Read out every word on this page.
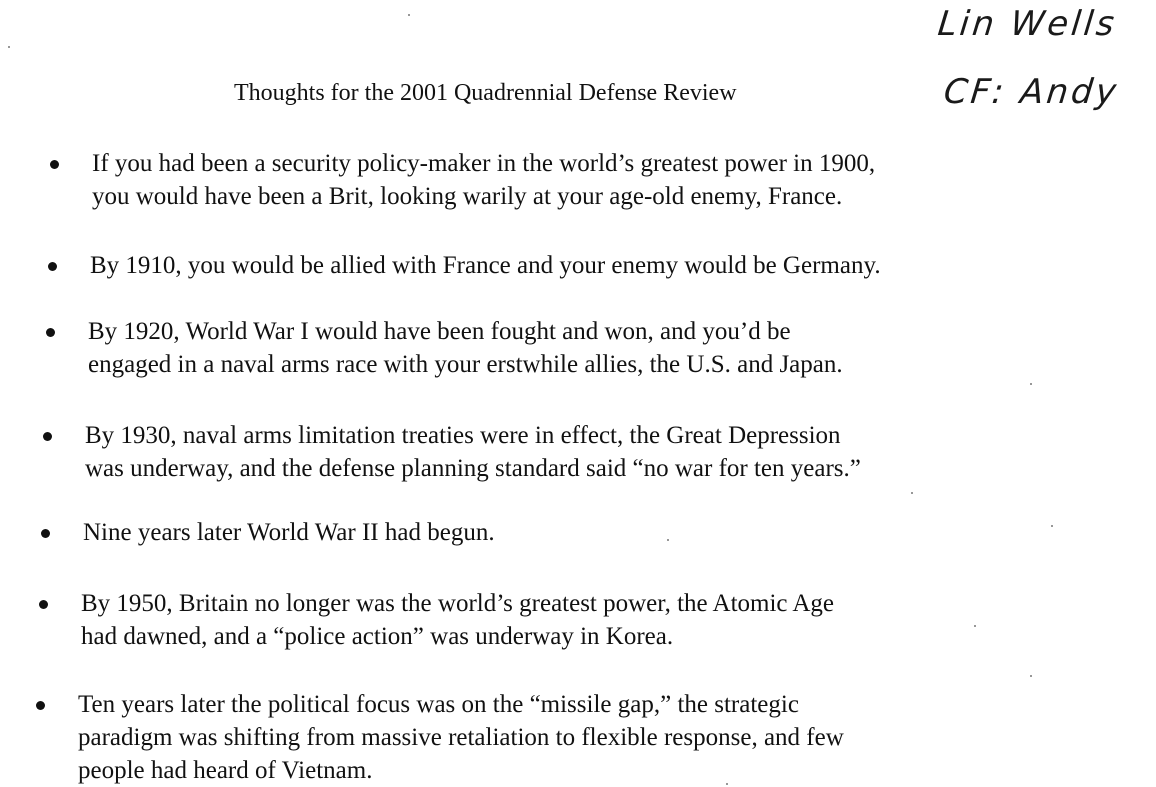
Lin Wells
CF: Andy
Thoughts for the 2001 Quadrennial Defense Review
If you had been a security policy-maker in the world’s greatest power in 1900,
you would have been a Brit, looking warily at your age-old enemy, France.
By 1910, you would be allied with France and your enemy would be Germany.
By 1920, World War I would have been fought and won, and you’d be
engaged in a naval arms race with your erstwhile allies, the U.S. and Japan.
By 1930, naval arms limitation treaties were in effect, the Great Depression
was underway, and the defense planning standard said “no war for ten years.”
Nine years later World War II had begun.
By 1950, Britain no longer was the world’s greatest power, the Atomic Age
had dawned, and a “police action” was underway in Korea.
Ten years later the political focus was on the “missile gap,” the strategic
paradigm was shifting from massive retaliation to flexible response, and few
people had heard of Vietnam.
